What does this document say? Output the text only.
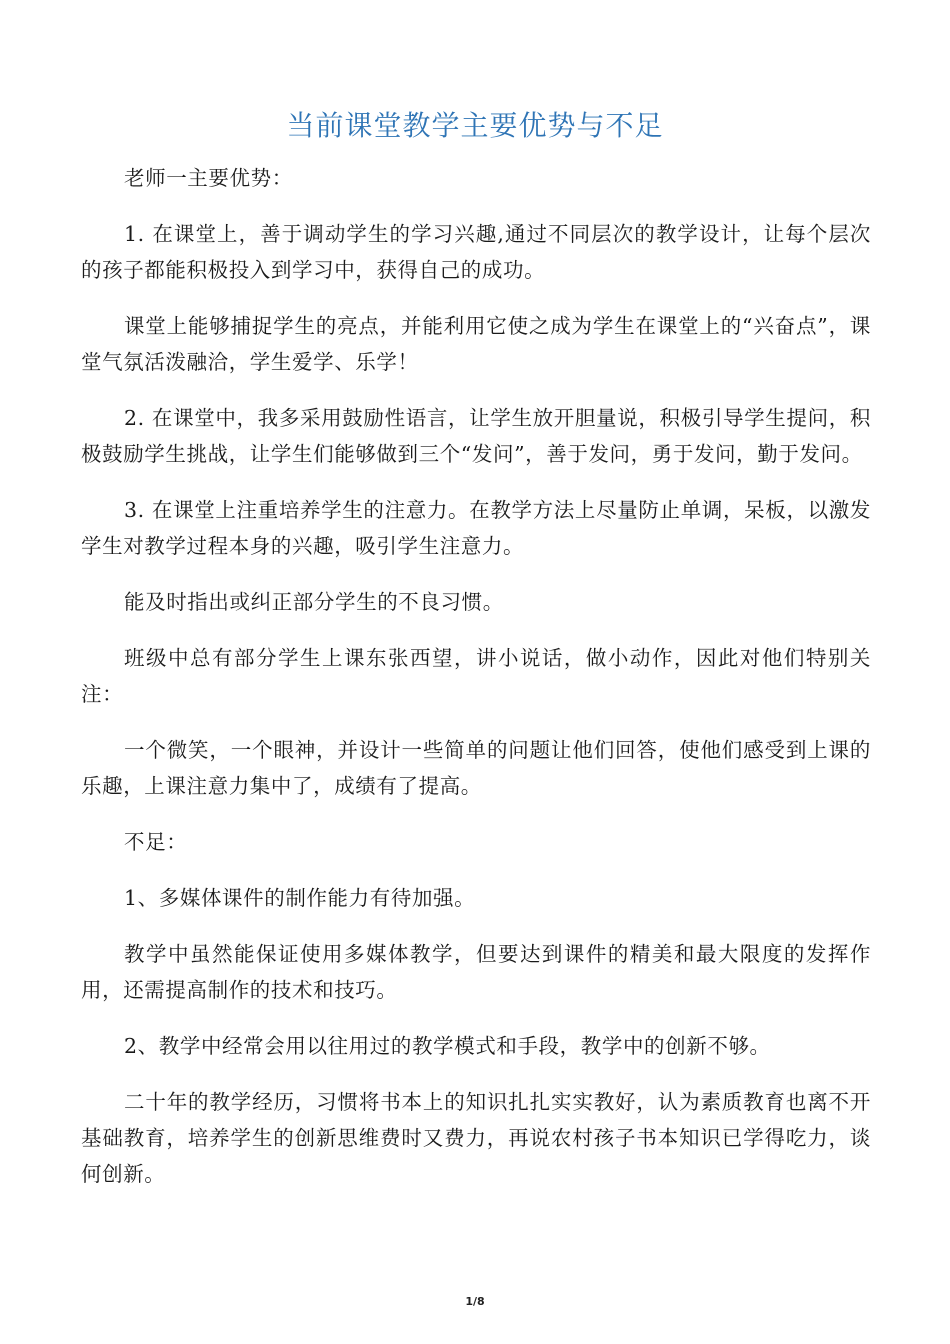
当前课堂教学主要优势与不足

老师一主要优势：

1. 在课堂上，善于调动学生的学习兴趣,通过不同层次的教学设计，让每个层次的孩子都能积极投入到学习中，获得自己的成功。

课堂上能够捕捉学生的亮点，并能利用它使之成为学生在课堂上的“兴奋点”，课堂气氛活泼融洽，学生爱学、乐学！

2. 在课堂中，我多采用鼓励性语言，让学生放开胆量说，积极引导学生提问，积极鼓励学生挑战，让学生们能够做到三个“发问”，善于发问，勇于发问，勤于发问。

3. 在课堂上注重培养学生的注意力。在教学方法上尽量防止单调，呆板，以激发学生对教学过程本身的兴趣，吸引学生注意力。

能及时指出或纠正部分学生的不良习惯。

班级中总有部分学生上课东张西望，讲小说话，做小动作，因此对他们特别关注：

一个微笑，一个眼神，并设计一些简单的问题让他们回答，使他们感受到上课的乐趣，上课注意力集中了，成绩有了提高。

不足：

1、多媒体课件的制作能力有待加强。

教学中虽然能保证使用多媒体教学，但要达到课件的精美和最大限度的发挥作用，还需提高制作的技术和技巧。

2、教学中经常会用以往用过的教学模式和手段，教学中的创新不够。

二十年的教学经历，习惯将书本上的知识扎扎实实教好，认为素质教育也离不开基础教育，培养学生的创新思维费时又费力，再说农村孩子书本知识已学得吃力，谈何创新。

1/8
